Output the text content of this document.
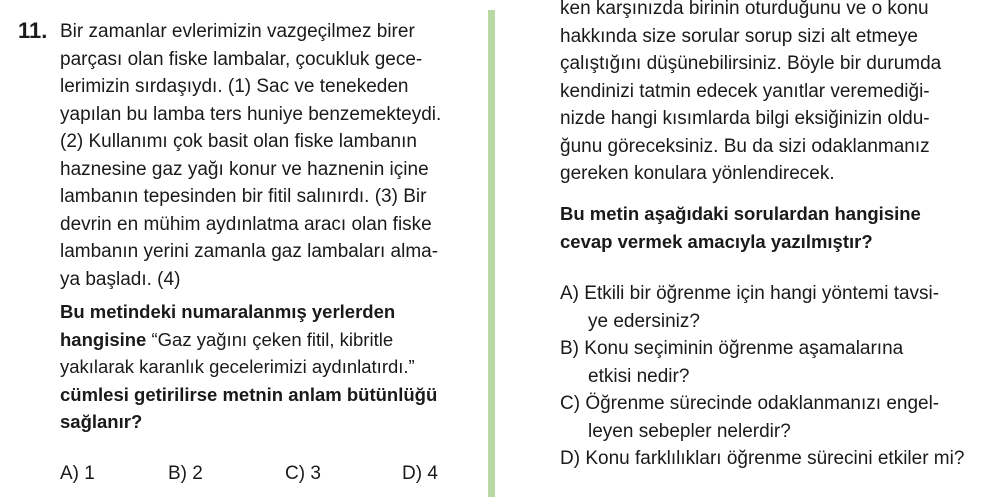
11. Bir zamanlar evlerimizin vazgeçilmez birer
parçası olan fiske lambalar, çocukluk gece-
lerimizin sırdaşıydı. (1) Sac ve tenekeden
yapılan bu lamba ters huniye benzemekteydi.
(2) Kullanımı çok basit olan fiske lambanın
haznesine gaz yağı konur ve haznenin içine
lambanın tepesinden bir fitil salınırdı. (3) Bir
devrin en mühim aydınlatma aracı olan fiske
lambanın yerini zamanla gaz lambaları alma-
ya başladı. (4)
Bu metindeki numaralanmış yerlerden
hangisine “Gaz yağını çeken fitil, kibritle
yakılarak karanlık gecelerimizi aydınlatırdı.”
cümlesi getirilirse metnin anlam bütünlüğü
sağlanır?
A) 1	B) 2	C) 3	D) 4
ken karşınızda birinin oturduğunu ve o konu
hakkında size sorular sorup sizi alt etmeye
çalıştığını düşünebilirsiniz. Böyle bir durumda
kendinizi tatmin edecek yanıtlar veremediği-
nizde hangi kısımlarda bilgi eksiğinizin oldu-
ğunu göreceksiniz. Bu da sizi odaklanmanız
gereken konulara yönlendirecek.
Bu metin aşağıdaki sorulardan hangisine
cevap vermek amacıyla yazılmıştır?
A) Etkili bir öğrenme için hangi yöntemi tavsi-
ye edersiniz?
B) Konu seçiminin öğrenme aşamalarına
etkisi nedir?
C) Öğrenme sürecinde odaklanmanızı engel-
leyen sebepler nelerdir?
D) Konu farklılıkları öğrenme sürecini etkiler mi?
